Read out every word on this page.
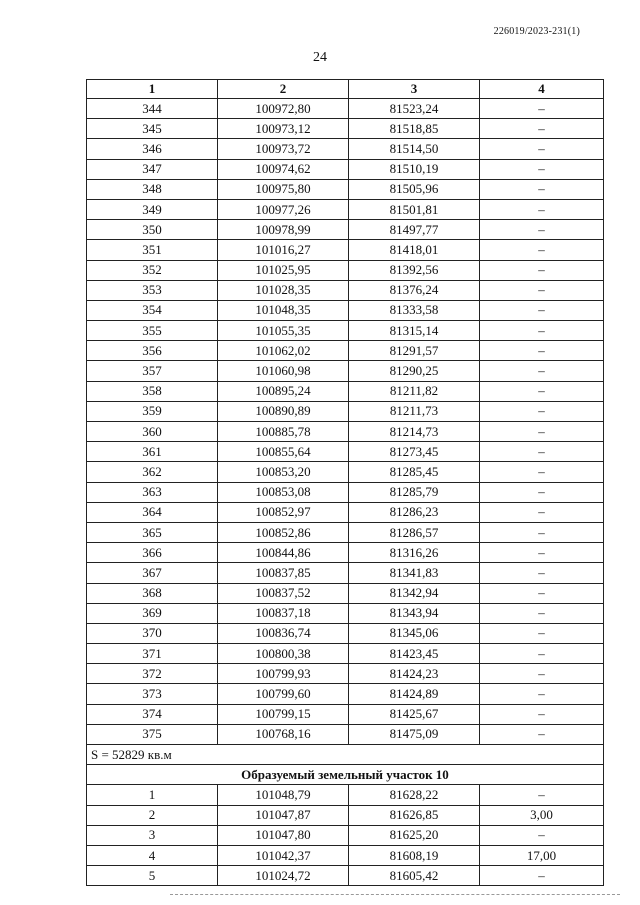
226019/2023-231(1)
24
1	2	3	4
344	100972,80	81523,24	–
345	100973,12	81518,85	–
346	100973,72	81514,50	–
347	100974,62	81510,19	–
348	100975,80	81505,96	–
349	100977,26	81501,81	–
350	100978,99	81497,77	–
351	101016,27	81418,01	–
352	101025,95	81392,56	–
353	101028,35	81376,24	–
354	101048,35	81333,58	–
355	101055,35	81315,14	–
356	101062,02	81291,57	–
357	101060,98	81290,25	–
358	100895,24	81211,82	–
359	100890,89	81211,73	–
360	100885,78	81214,73	–
361	100855,64	81273,45	–
362	100853,20	81285,45	–
363	100853,08	81285,79	–
364	100852,97	81286,23	–
365	100852,86	81286,57	–
366	100844,86	81316,26	–
367	100837,85	81341,83	–
368	100837,52	81342,94	–
369	100837,18	81343,94	–
370	100836,74	81345,06	–
371	100800,38	81423,45	–
372	100799,93	81424,23	–
373	100799,60	81424,89	–
374	100799,15	81425,67	–
375	100768,16	81475,09	–
S = 52829 кв.м			
Образуемый земельный участок 10			
1	101048,79	81628,22	–
2	101047,87	81626,85	3,00
3	101047,80	81625,20	–
4	101042,37	81608,19	17,00
5	101024,72	81605,42	–
